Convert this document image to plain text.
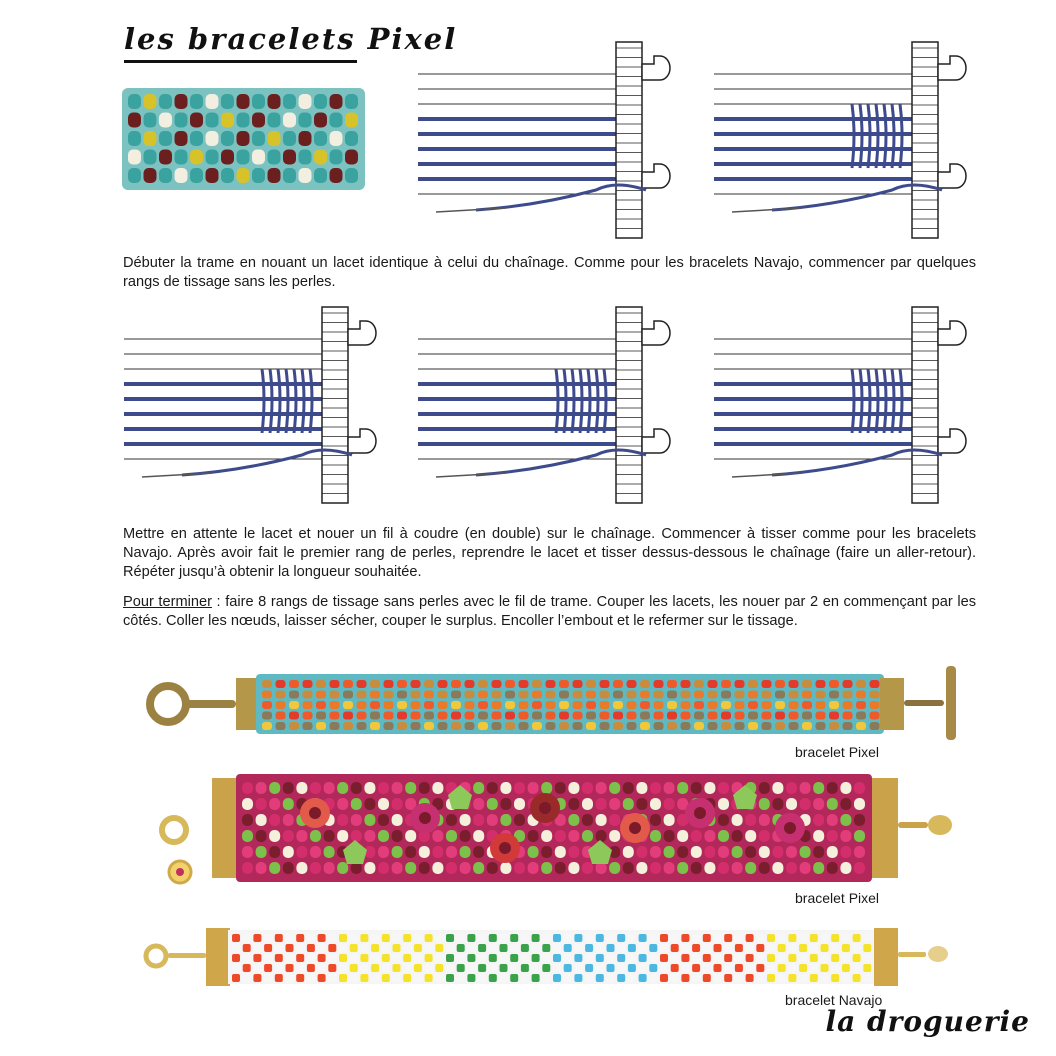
les bracelets Pixel
Débuter la trame en nouant un lacet identique à celui du chaînage. Comme pour les bracelets Navajo, commencer par quelques rangs de tissage sans les perles.
Mettre en attente le lacet et nouer un fil à coudre (en double) sur le chaînage. Commencer à tisser comme pour les bracelets Navajo. Après avoir fait le premier rang de perles, reprendre le lacet et tisser dessus-dessous le chaînage (faire un aller-retour). Répéter jusqu’à obtenir la longueur souhaitée.
Pour terminer : faire 8 rangs de tissage sans perles avec le fil de trame. Couper les lacets, les nouer par 2 en commençant par les côtés. Coller les nœuds, laisser sécher, couper le surplus. Encoller l’embout et le refermer sur le tissage.
bracelet Pixel
bracelet Pixel
bracelet Navajo
la droguerie
